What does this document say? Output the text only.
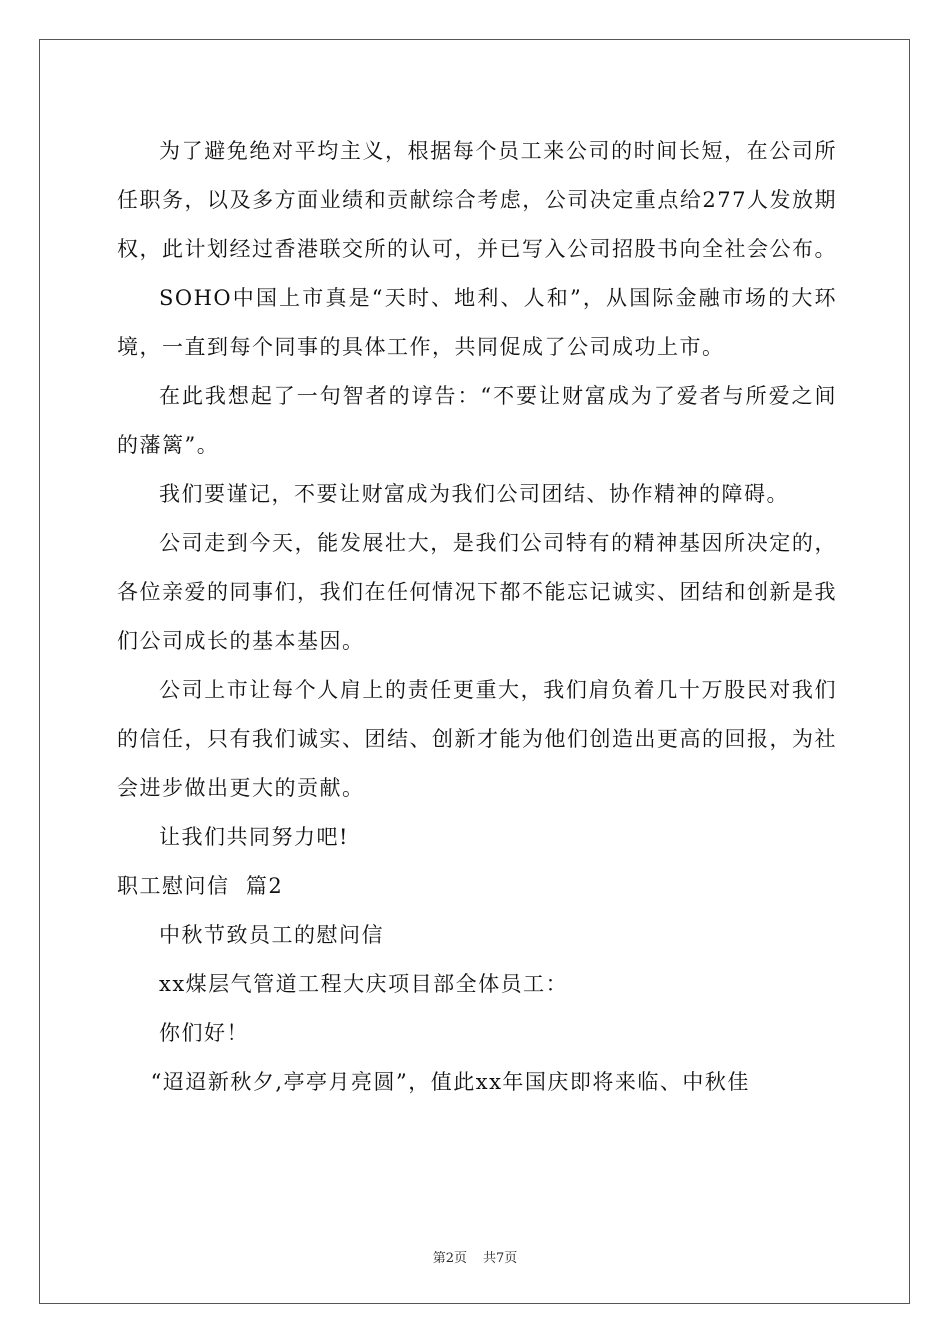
为了避免绝对平均主义，根据每个员工来公司的时间长短，在公司所任职务，以及多方面业绩和贡献综合考虑，公司决定重点给277人发放期权，此计划经过香港联交所的认可，并已写入公司招股书向全社会公布。

SOHO中国上市真是“天时、地利、人和”，从国际金融市场的大环境，一直到每个同事的具体工作，共同促成了公司成功上市。

在此我想起了一句智者的谆告：“不要让财富成为了爱者与所爱之间的藩篱”。

我们要谨记，不要让财富成为我们公司团结、协作精神的障碍。

公司走到今天，能发展壮大，是我们公司特有的精神基因所决定的，各位亲爱的同事们，我们在任何情况下都不能忘记诚实、团结和创新是我们公司成长的基本基因。

公司上市让每个人肩上的责任更重大，我们肩负着几十万股民对我们的信任，只有我们诚实、团结、创新才能为他们创造出更高的回报，为社会进步做出更大的贡献。

让我们共同努力吧!

职工慰问信  篇2

中秋节致员工的慰问信

xx煤层气管道工程大庆项目部全体员工：

你们好！

“迢迢新秋夕,亭亭月亮圆”，值此xx年国庆即将来临、中秋佳

第2页 共7页
